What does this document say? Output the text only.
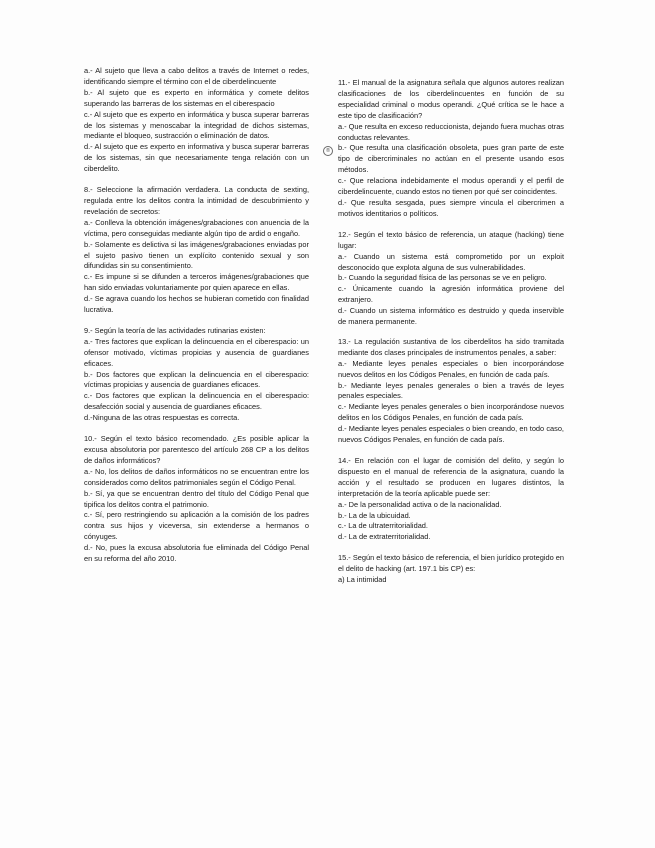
a.- Al sujeto que lleva a cabo delitos a través de Internet o redes, identificando siempre el término con el de ciberdelincuente
b.- Al sujeto que es experto en informática y comete delitos superando las barreras de los sistemas en el ciberespacio
c.- Al sujeto que es experto en informática y busca superar barreras de los sistemas y menoscabar la integridad de dichos sistemas, mediante el bloqueo, sustracción o eliminación de datos.
d.- Al sujeto que es experto en informativa y busca superar barreras de los sistemas, sin que necesariamente tenga relación con un ciberdelito.
8.- Seleccione la afirmación verdadera. La conducta de sexting, regulada entre los delitos contra la intimidad de descubrimiento y revelación de secretos:
a.- Conlleva la obtención imágenes/grabaciones con anuencia de la víctima, pero conseguidas mediante algún tipo de ardid o engaño.
b.- Solamente es delictiva si las imágenes/grabaciones enviadas por el sujeto pasivo tienen un explícito contenido sexual y son difundidas sin su consentimiento.
c.- Es impune si se difunden a terceros imágenes/grabaciones que han sido enviadas voluntariamente por quien aparece en ellas.
d.- Se agrava cuando los hechos se hubieran cometido con finalidad lucrativa.
9.- Según la teoría de las actividades rutinarias existen:
a.- Tres factores que explican la delincuencia en el ciberespacio: un ofensor motivado, víctimas propicias y ausencia de guardianes eficaces.
b.- Dos factores que explican la delincuencia en el ciberespacio: víctimas propicias y ausencia de guardianes eficaces.
c.- Dos factores que explican la delincuencia en el ciberespacio: desafección social y ausencia de guardianes eficaces.
d.-Ninguna de las otras respuestas es correcta.
10.- Según el texto básico recomendado. ¿Es posible aplicar la excusa absolutoria por parentesco del artículo 268 CP a los delitos de daños informáticos?
a.- No, los delitos de daños informáticos no se encuentran entre los considerados como delitos patrimoniales según el Código Penal.
b.- Sí, ya que se encuentran dentro del título del Código Penal que tipifica los delitos contra el patrimonio.
c.- Sí, pero restringiendo su aplicación a la comisión de los padres contra sus hijos y viceversa, sin extenderse a hermanos o cónyuges.
d.- No, pues la excusa absolutoria fue eliminada del Código Penal en su reforma del año 2010.
®
11.- El manual de la asignatura señala que algunos autores realizan clasificaciones de los ciberdelincuentes en función de su especialidad criminal o modus operandi. ¿Qué crítica se le hace a este tipo de clasificación?
a.- Que resulta en exceso reduccionista, dejando fuera muchas otras conductas relevantes.
b.- Que resulta una clasificación obsoleta, pues gran parte de este tipo de cibercriminales no actúan en el presente usando esos métodos.
c.- Que relaciona indebidamente el modus operandi y el perfil de ciberdelincuente, cuando estos no tienen por qué ser coincidentes.
d.- Que resulta sesgada, pues siempre vincula el cibercrimen a motivos identitarios o políticos.
12.- Según el texto básico de referencia, un ataque (hacking) tiene lugar:
a.- Cuando un sistema está comprometido por un exploit desconocido que explota alguna de sus vulnerabilidades.
b.- Cuando la seguridad física de las personas se ve en peligro.
c.- Únicamente cuando la agresión informática proviene del extranjero.
d.- Cuando un sistema informático es destruido y queda inservible de manera permanente.
13.- La regulación sustantiva de los ciberdelitos ha sido tramitada mediante dos clases principales de instrumentos penales, a saber:
a.- Mediante leyes penales especiales o bien incorporándose nuevos delitos en los Códigos Penales, en función de cada país.
b.- Mediante leyes penales generales o bien a través de leyes penales especiales.
c.- Mediante leyes penales generales o bien incorporándose nuevos delitos en los Códigos Penales, en función de cada país.
d.- Mediante leyes penales especiales o bien creando, en todo caso, nuevos Códigos Penales, en función de cada país.
14.- En relación con el lugar de comisión del delito, y según lo dispuesto en el manual de referencia de la asignatura, cuando la acción y el resultado se producen en lugares distintos, la interpretación de la teoría aplicable puede ser:
a.- De la personalidad activa o de la nacionalidad.
b.- La de la ubicuidad.
c.- La de ultraterritorialidad.
d.- La de extraterritorialidad.
15.- Según el texto básico de referencia, el bien jurídico protegido en el delito de hacking (art. 197.1 bis CP) es:
a) La intimidad
